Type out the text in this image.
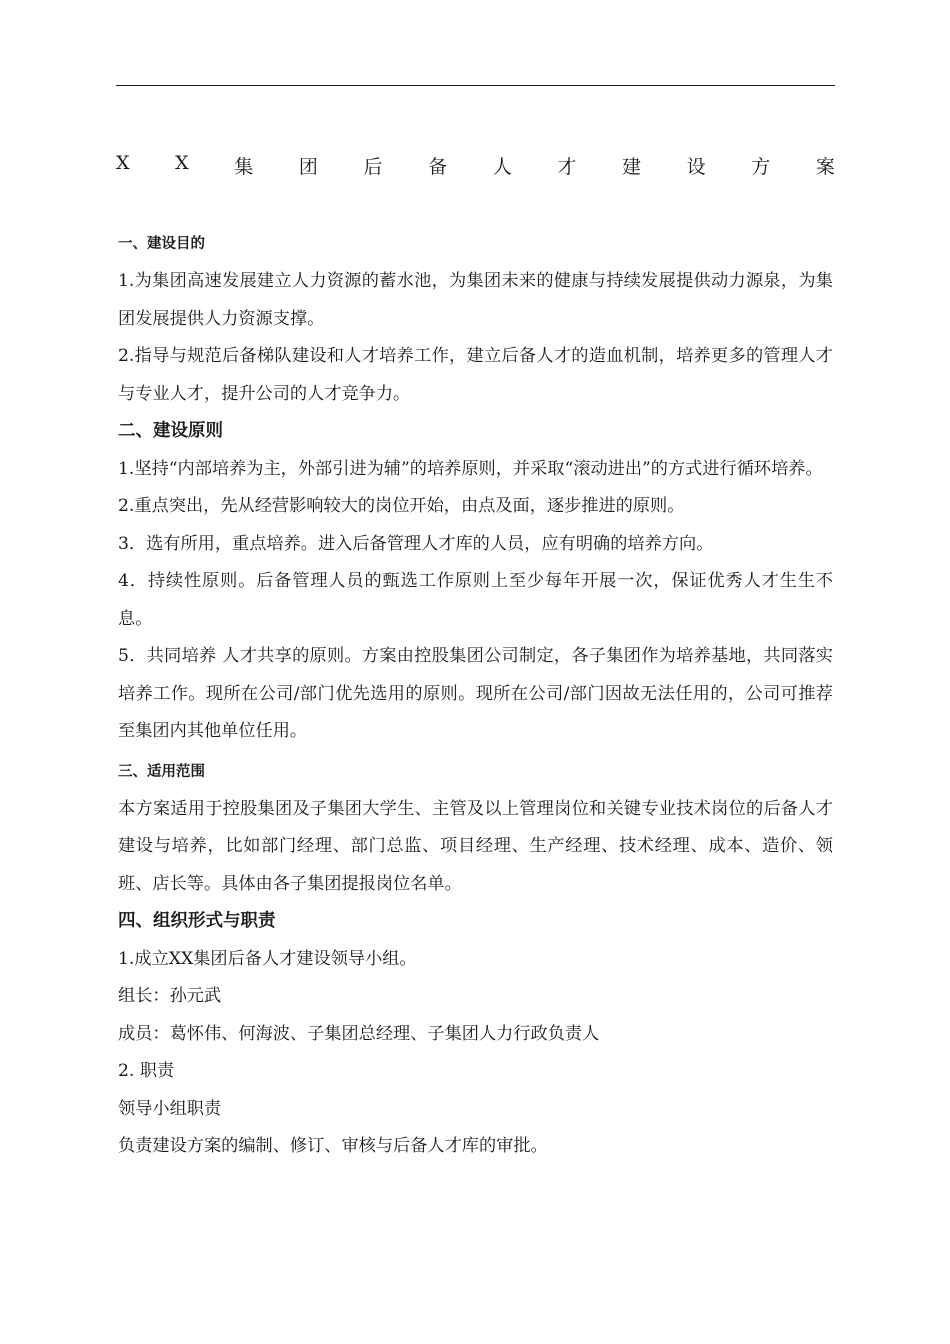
X X 集 团 后 备 人 才 建 设 方 案

一、建设目的

1.为集团高速发展建立人力资源的蓄水池，为集团未来的健康与持续发展提供动力源泉，为集团发展提供人力资源支撑。

2.指导与规范后备梯队建设和人才培养工作，建立后备人才的造血机制，培养更多的管理人才与专业人才，提升公司的人才竞争力。

二、建设原则

1.坚持“内部培养为主，外部引进为辅”的培养原则，并采取“滚动进出”的方式进行循环培养。

2.重点突出，先从经营影响较大的岗位开始，由点及面，逐步推进的原则。

3．选有所用，重点培养。进入后备管理人才库的人员，应有明确的培养方向。

4．持续性原则。后备管理人员的甄选工作原则上至少每年开展一次，保证优秀人才生生不息。

5．共同培养 人才共享的原则。方案由控股集团公司制定，各子集团作为培养基地，共同落实培养工作。现所在公司/部门优先选用的原则。现所在公司/部门因故无法任用的，公司可推荐至集团内其他单位任用。

三、适用范围

本方案适用于控股集团及子集团大学生、主管及以上管理岗位和关键专业技术岗位的后备人才建设与培养，比如部门经理、部门总监、项目经理、生产经理、技术经理、成本、造价、领班、店长等。具体由各子集团提报岗位名单。

四、组织形式与职责

1.成立XX集团后备人才建设领导小组。

组长：孙元武

成员：葛怀伟、何海波、子集团总经理、子集团人力行政负责人

2. 职责

领导小组职责

负责建设方案的编制、修订、审核与后备人才库的审批。
